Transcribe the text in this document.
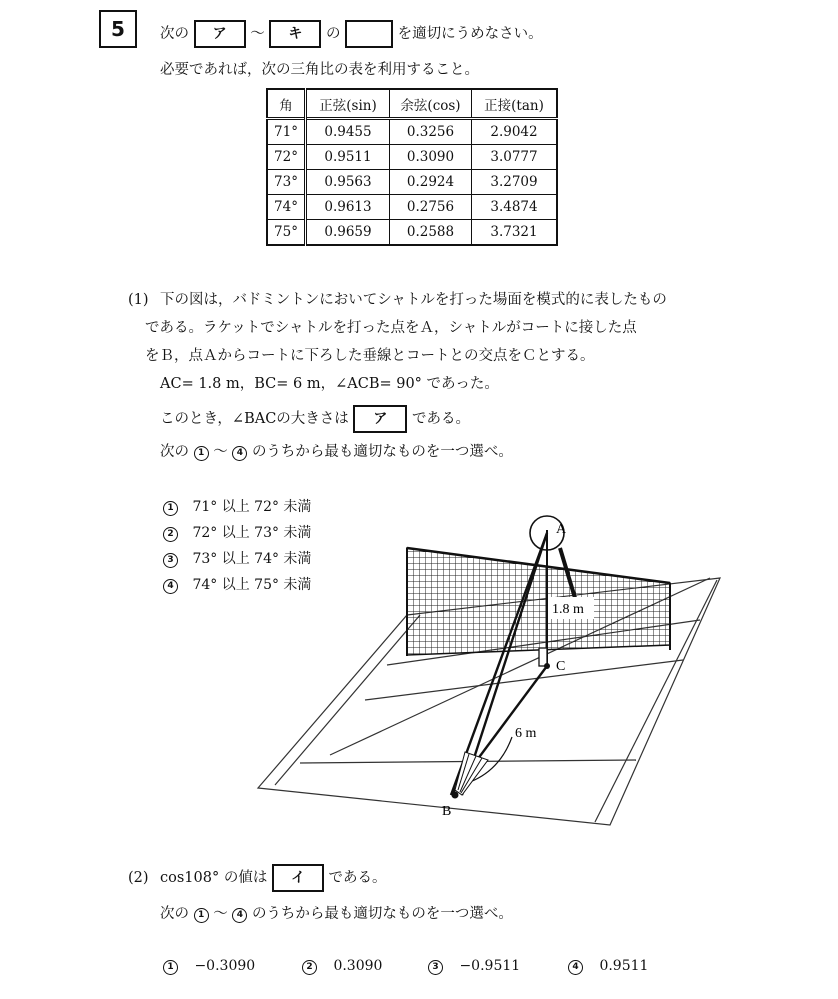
5	次の ア 〜 キ の	を適切にうめなさい。
必要であれば，次の三角比の表を利用すること。
角	正弦(sin)	余弦(cos)	正接(tan)
71°	0.9455	0.3256	2.9042
72°	0.9511	0.3090	3.0777
73°	0.9563	0.2924	3.2709
74°	0.9613	0.2756	3.4874
75°	0.9659	0.2588	3.7321
(1) 下の図は，バドミントンにおいてシャトルを打った場面を模式的に表したもの
である。ラケットでシャトルを打った点をＡ，シャトルがコートに接した点
をＢ，点Ａからコートに下ろした垂線とコートとの交点をＣとする。
AC= 1.8 m，BC= 6 m，∠ACB= 90° であった。
このとき，∠BACの大きさは ア である。
次の 1 〜 4 のうちから最も適切なものを一つ選べ。
1 71° 以上 72° 未満
2 72° 以上 73° 未満
3 73° 以上 74° 未満
4 74° 以上 75° 未満
1.8 m
A
C
B
6 m
(2) cos108° の値は イ である。
次の 1 〜 4 のうちから最も適切なものを一つ選べ。
1 −0.3090	2 0.3090	3 −0.9511	4 0.9511
